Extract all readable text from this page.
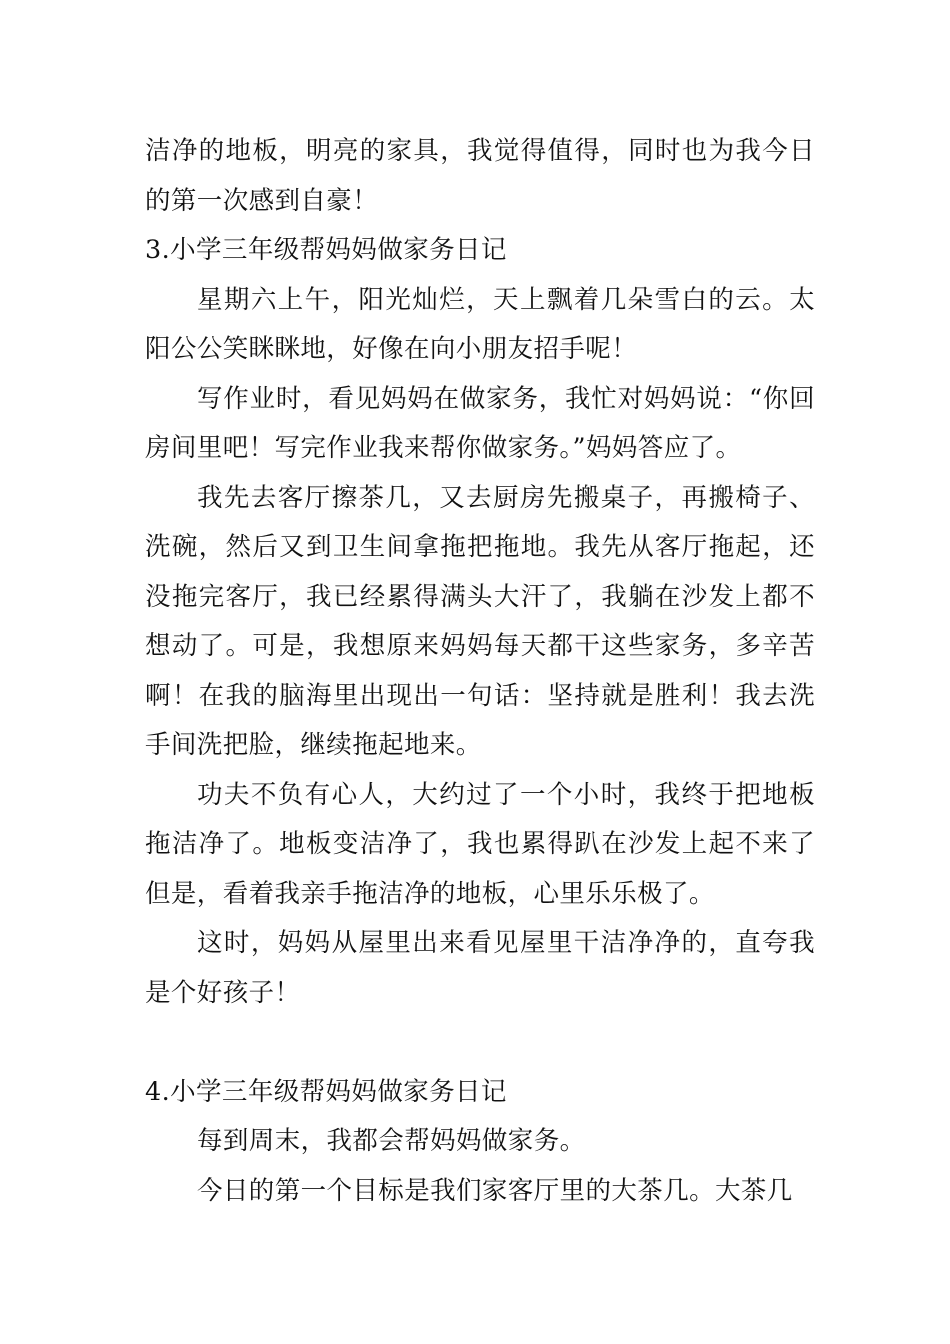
洁净的地板，明亮的家具，我觉得值得，同时也为我今日的第一次感到自豪！

3.小学三年级帮妈妈做家务日记

星期六上午，阳光灿烂，天上飘着几朵雪白的云。太阳公公笑眯眯地，好像在向小朋友招手呢！

写作业时，看见妈妈在做家务，我忙对妈妈说：“你回房间里吧！写完作业我来帮你做家务。”妈妈答应了。

我先去客厅擦茶几，又去厨房先搬桌子，再搬椅子、洗碗，然后又到卫生间拿拖把拖地。我先从客厅拖起，还没拖完客厅，我已经累得满头大汗了，我躺在沙发上都不想动了。可是，我想原来妈妈每天都干这些家务，多辛苦啊！在我的脑海里出现出一句话：坚持就是胜利！我去洗手间洗把脸，继续拖起地来。

功夫不负有心人，大约过了一个小时，我终于把地板拖洁净了。地板变洁净了，我也累得趴在沙发上起不来了但是，看着我亲手拖洁净的地板，心里乐乐极了。

这时，妈妈从屋里出来看见屋里干洁净净的，直夸我是个好孩子！

4.小学三年级帮妈妈做家务日记

每到周末，我都会帮妈妈做家务。

今日的第一个目标是我们家客厅里的大茶几。大茶几
